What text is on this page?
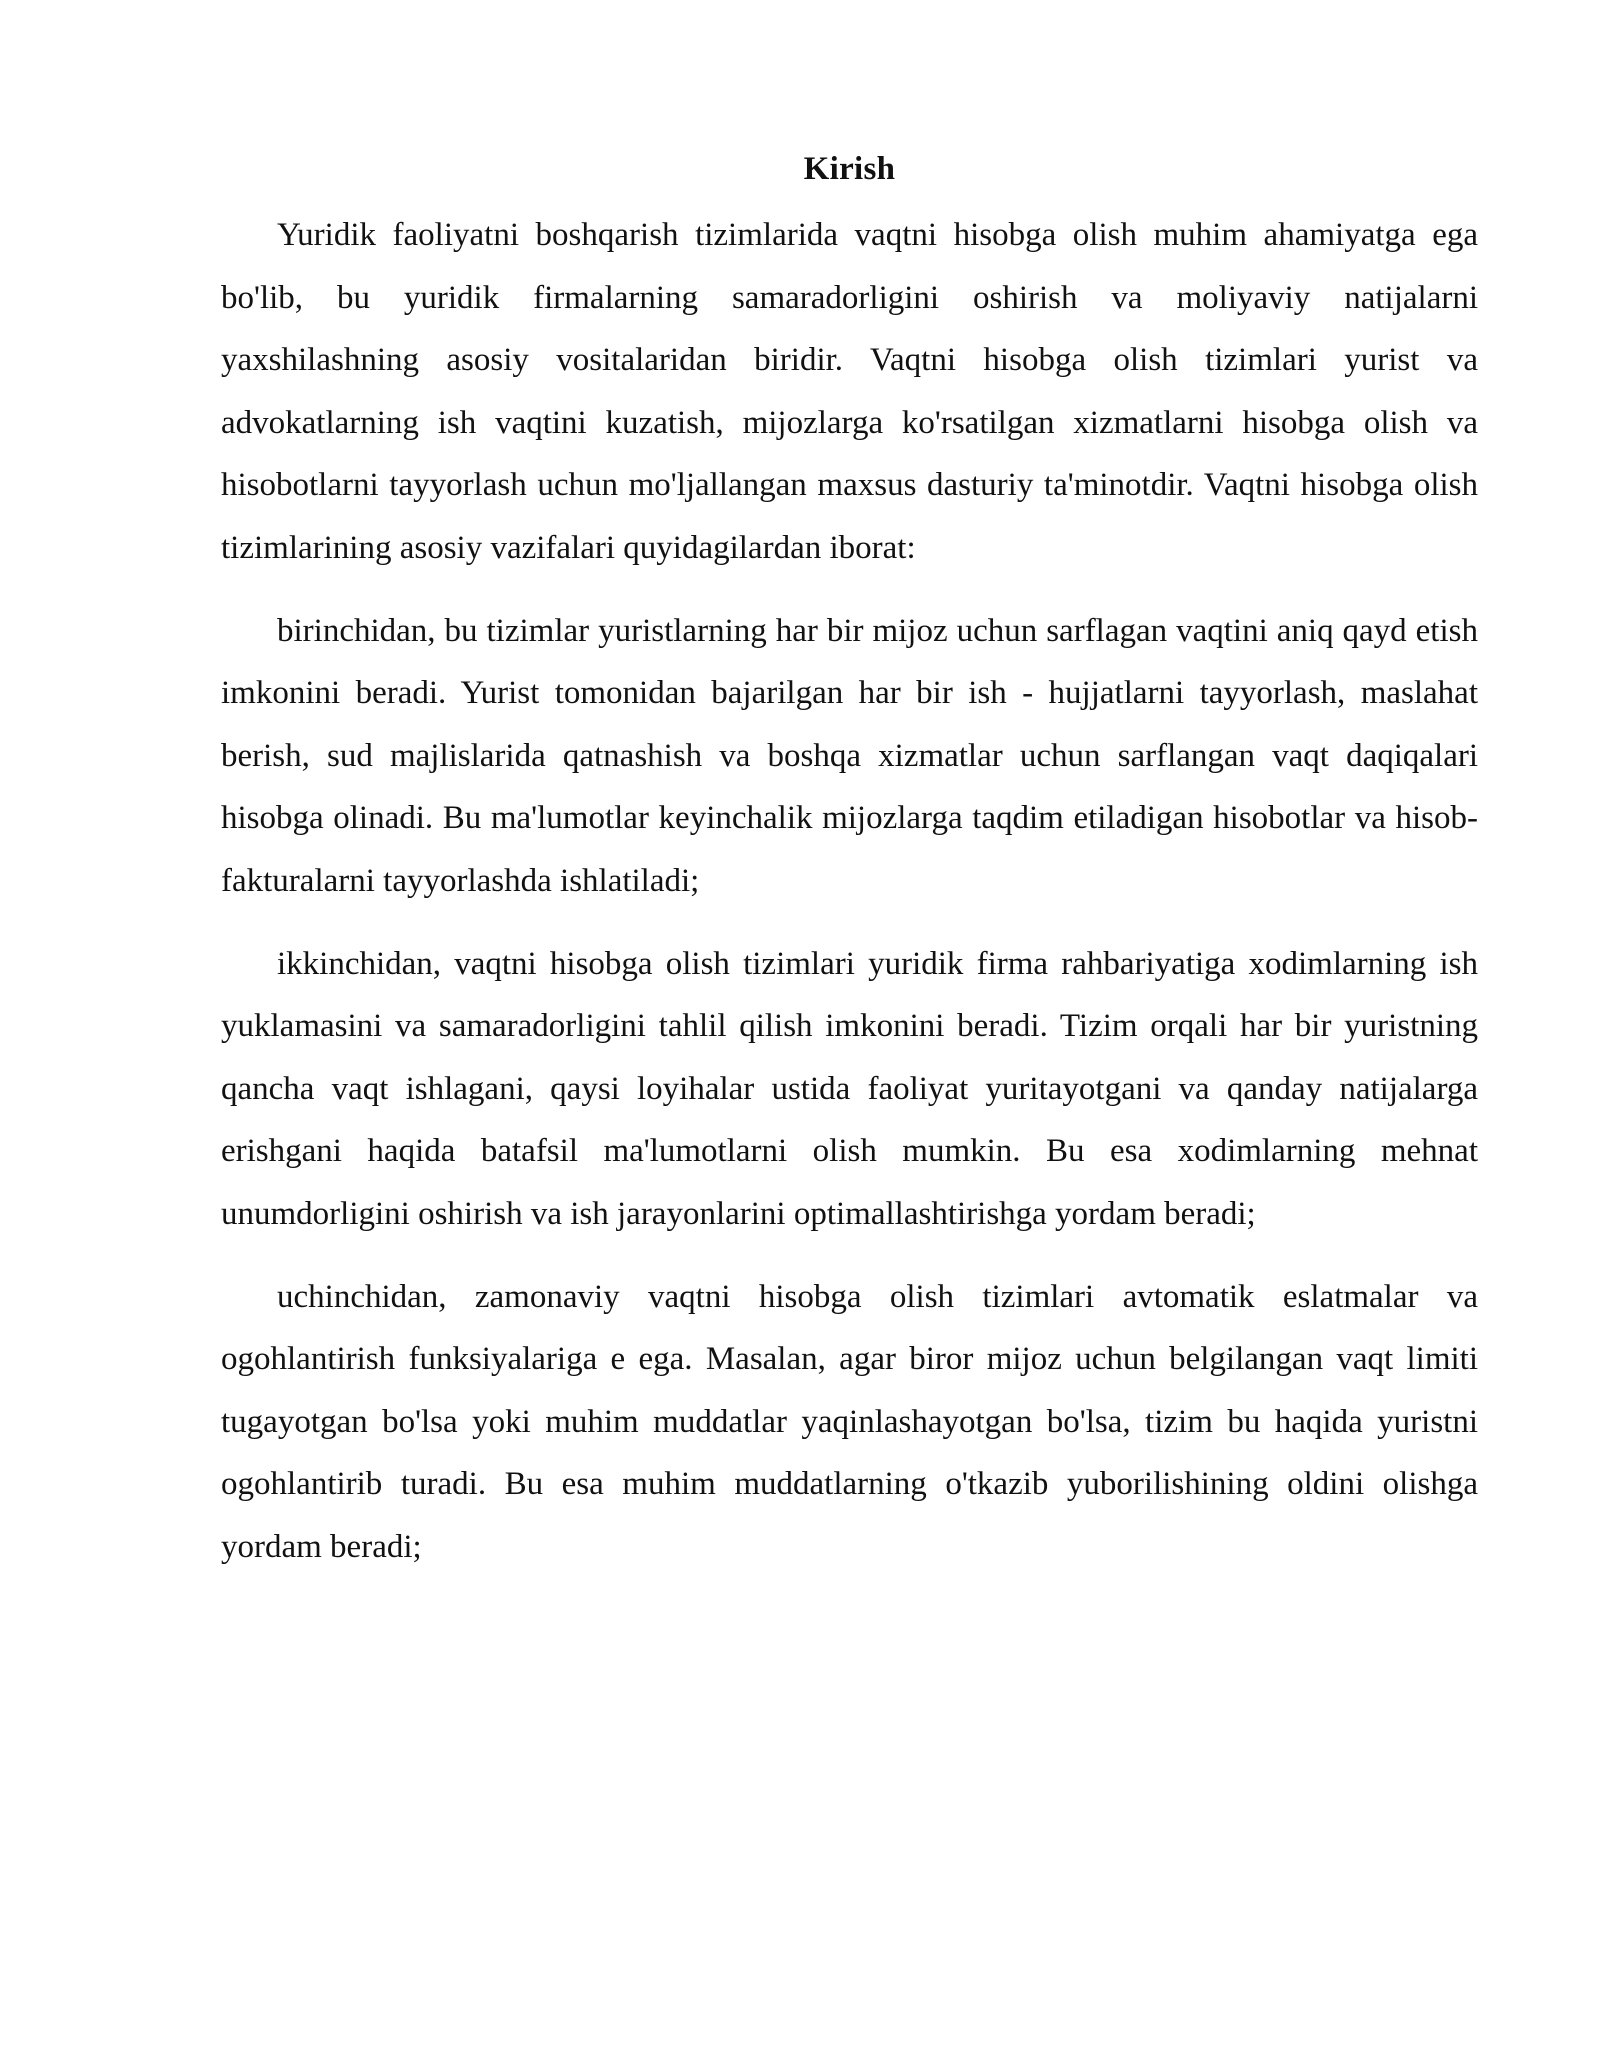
Kirish

Yuridik faoliyatni boshqarish tizimlarida vaqtni hisobga olish muhim ahamiyatga ega bo'lib, bu yuridik firmalarning samaradorligini oshirish va moliyaviy natijalarni yaxshilashning asosiy vositalaridan biridir. Vaqtni hisobga olish tizimlari yurist va advokatlarning ish vaqtini kuzatish, mijozlarga ko'rsatilgan xizmatlarni hisobga olish va hisobotlarni tayyorlash uchun mo'ljallangan maxsus dasturiy ta'minotdir. Vaqtni hisobga olish tizimlarining asosiy vazifalari quyidagilardan iborat:

birinchidan, bu tizimlar yuristlarning har bir mijoz uchun sarflagan vaqtini aniq qayd etish imkonini beradi. Yurist tomonidan bajarilgan har bir ish - hujjatlarni tayyorlash, maslahat berish, sud majlislarida qatnashish va boshqa xizmatlar uchun sarflangan vaqt daqiqalari hisobga olinadi. Bu ma'lumotlar keyinchalik mijozlarga taqdim etiladigan hisobotlar va hisob-fakturalarni tayyorlashda ishlatiladi;

ikkinchidan, vaqtni hisobga olish tizimlari yuridik firma rahbariyatiga xodimlarning ish yuklamasini va samaradorligini tahlil qilish imkonini beradi. Tizim orqali har bir yuristning qancha vaqt ishlagani, qaysi loyihalar ustida faoliyat yuritayotgani va qanday natijalarga erishgani haqida batafsil ma'lumotlarni olish mumkin. Bu esa xodimlarning mehnat unumdorligini oshirish va ish jarayonlarini optimallashtirishga yordam beradi;

uchinchidan, zamonaviy vaqtni hisobga olish tizimlari avtomatik eslatmalar va ogohlantirish funksiyalariga e ega. Masalan, agar biror mijoz uchun belgilangan vaqt limiti tugayotgan bo'lsa yoki muhim muddatlar yaqinlashayotgan bo'lsa, tizim bu haqida yuristni ogohlantirib turadi. Bu esa muhim muddatlarning o'tkazib yuborilishining oldini olishga yordam beradi;
